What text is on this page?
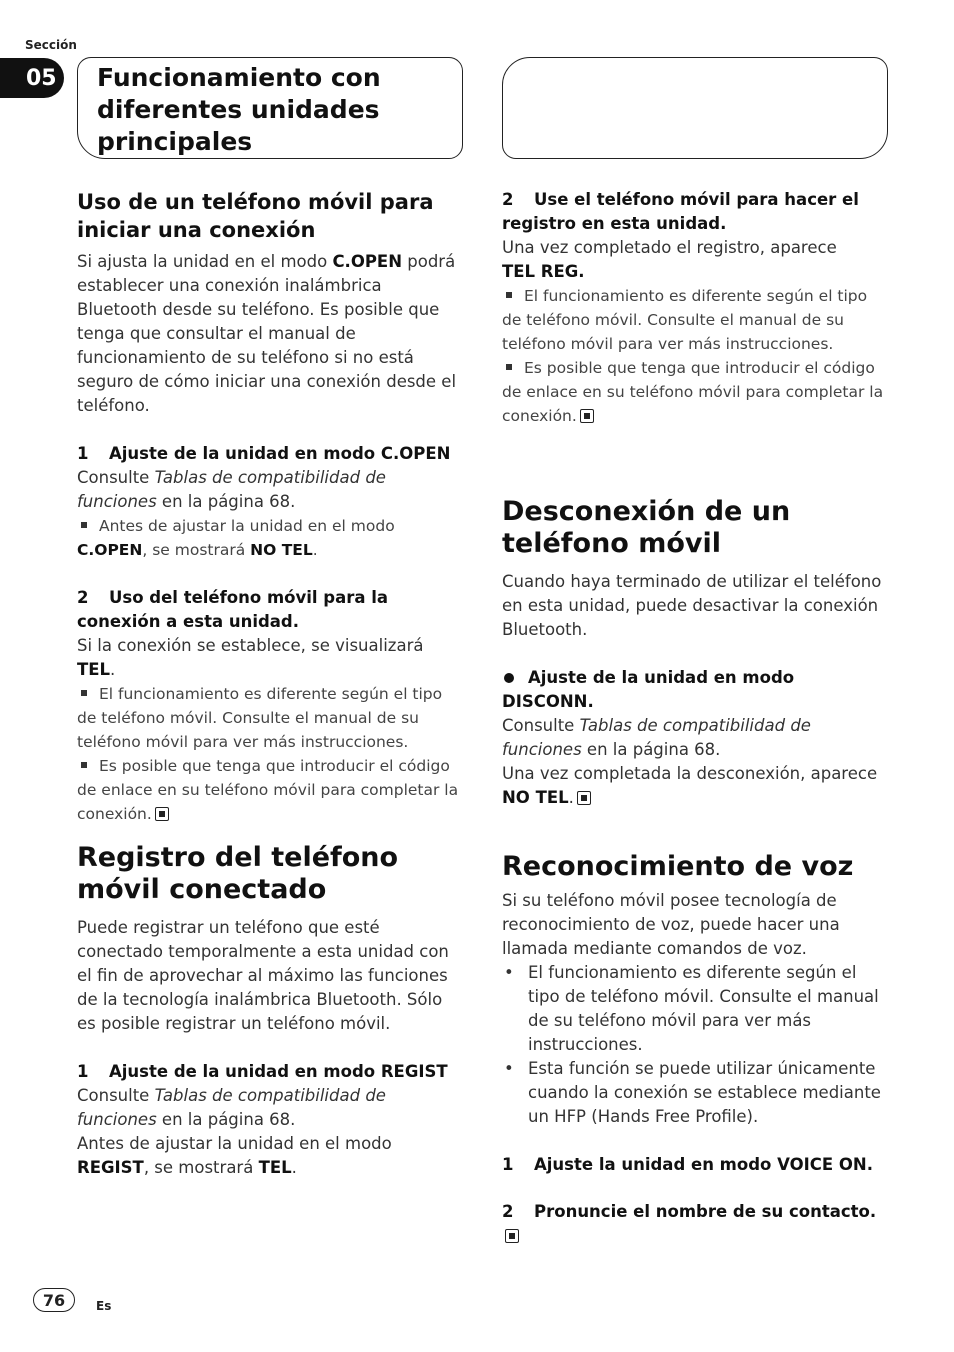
Sección
05 Funcionamiento con diferentes unidades principales
Uso de un teléfono móvil para iniciar una conexión

Si ajusta la unidad en el modo C.OPEN podrá establecer una conexión inalámbrica Bluetooth desde su teléfono. Es posible que tenga que consultar el manual de funcionamiento de su teléfono si no está seguro de cómo iniciar una conexión desde el teléfono.

1 Ajuste de la unidad en modo C.OPEN

Consulte Tablas de compatibilidad de funciones en la página 68.

Antes de ajustar la unidad en el modo
C.OPEN, se mostrará NO TEL.

2 Uso del teléfono móvil para la conexión a esta unidad.

Si la conexión se establece, se visualizará TEL.

El funcionamiento es diferente según el tipo de teléfono móvil. Consulte el manual de su teléfono móvil para ver más instrucciones.

Es posible que tenga que introducir el código de enlace en su teléfono móvil para completar la conexión.

Registro del teléfono móvil conectado

Puede registrar un teléfono que esté conectado temporalmente a esta unidad con el fin de aprovechar al máximo las funciones de la tecnología inalámbrica Bluetooth. Sólo es posible registrar un teléfono móvil.

1 Ajuste de la unidad en modo REGIST

Consulte Tablas de compatibilidad de funciones en la página 68.

Antes de ajustar la unidad en el modo
REGIST, se mostrará TEL.

2 Use el teléfono móvil para hacer el registro en esta unidad.

Una vez completado el registro, aparece
TEL REG.

El funcionamiento es diferente según el tipo de teléfono móvil. Consulte el manual de su teléfono móvil para ver más instrucciones.

Es posible que tenga que introducir el código de enlace en su teléfono móvil para completar la conexión.

Desconexión de un teléfono móvil

Cuando haya terminado de utilizar el teléfono en esta unidad, puede desactivar la conexión Bluetooth.

Ajuste de la unidad en modo DISCONN.

Consulte Tablas de compatibilidad de funciones en la página 68.

Una vez completada la desconexión, aparece
NO TEL.

Reconocimiento de voz

Si su teléfono móvil posee tecnología de reconocimiento de voz, puede hacer una llamada mediante comandos de voz.

• El funcionamiento es diferente según el tipo de teléfono móvil. Consulte el manual de su teléfono móvil para ver más instrucciones.

• Esta función se puede utilizar únicamente cuando la conexión se establece mediante un HFP (Hands Free Profile).

1 Ajuste la unidad en modo VOICE ON.

2 Pronuncie el nombre de su contacto.

76	Es
